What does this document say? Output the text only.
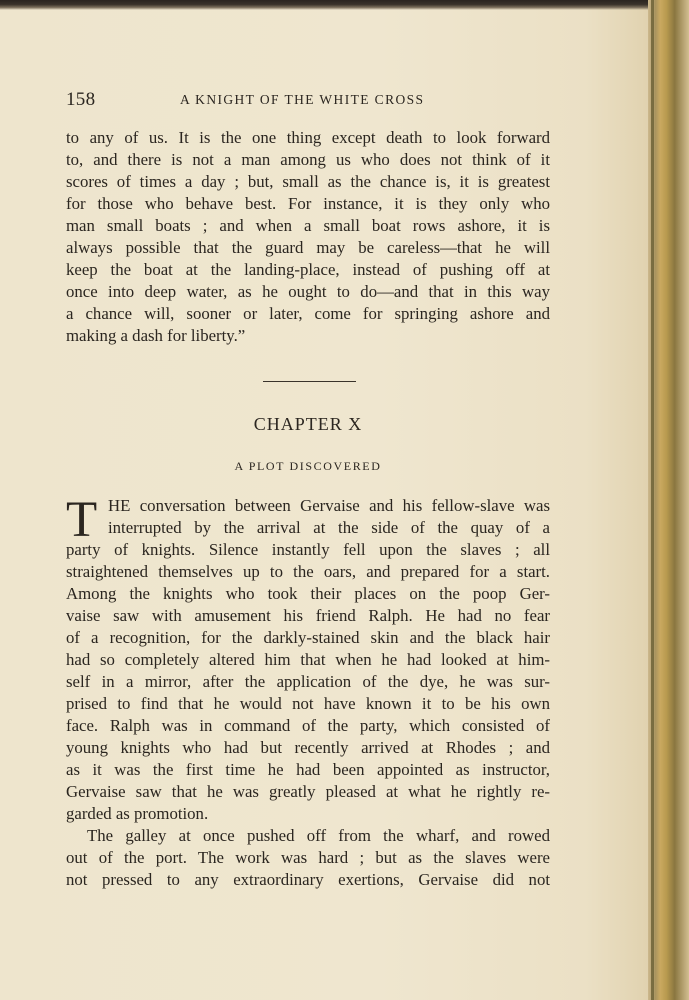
158	A KNIGHT OF THE WHITE CROSS
to any of us. It is the one thing except death to look forward
to, and there is not a man among us who does not think of it
scores of times a day ; but, small as the chance is, it is greatest
for those who behave best. For instance, it is they only who
man small boats ; and when a small boat rows ashore, it is
always possible that the guard may be careless—that he will
keep the boat at the landing-place, instead of pushing off at
once into deep water, as he ought to do—and that in this way
a chance will, sooner or later, come for springing ashore and
making a dash for liberty.”
CHAPTER X
A PLOT DISCOVERED
T HE conversation between Gervaise and his fellow-slave was
interrupted by the arrival at the side of the quay of a
party of knights. Silence instantly fell upon the slaves ; all
straightened themselves up to the oars, and prepared for a start.
Among the knights who took their places on the poop Ger-
vaise saw with amusement his friend Ralph. He had no fear
of a recognition, for the darkly-stained skin and the black hair
had so completely altered him that when he had looked at him-
self in a mirror, after the application of the dye, he was sur-
prised to find that he would not have known it to be his own
face. Ralph was in command of the party, which consisted of
young knights who had but recently arrived at Rhodes ; and
as it was the first time he had been appointed as instructor,
Gervaise saw that he was greatly pleased at what he rightly re-
garded as promotion.
The galley at once pushed off from the wharf, and rowed
out of the port. The work was hard ; but as the slaves were
not pressed to any extraordinary exertions, Gervaise did not
